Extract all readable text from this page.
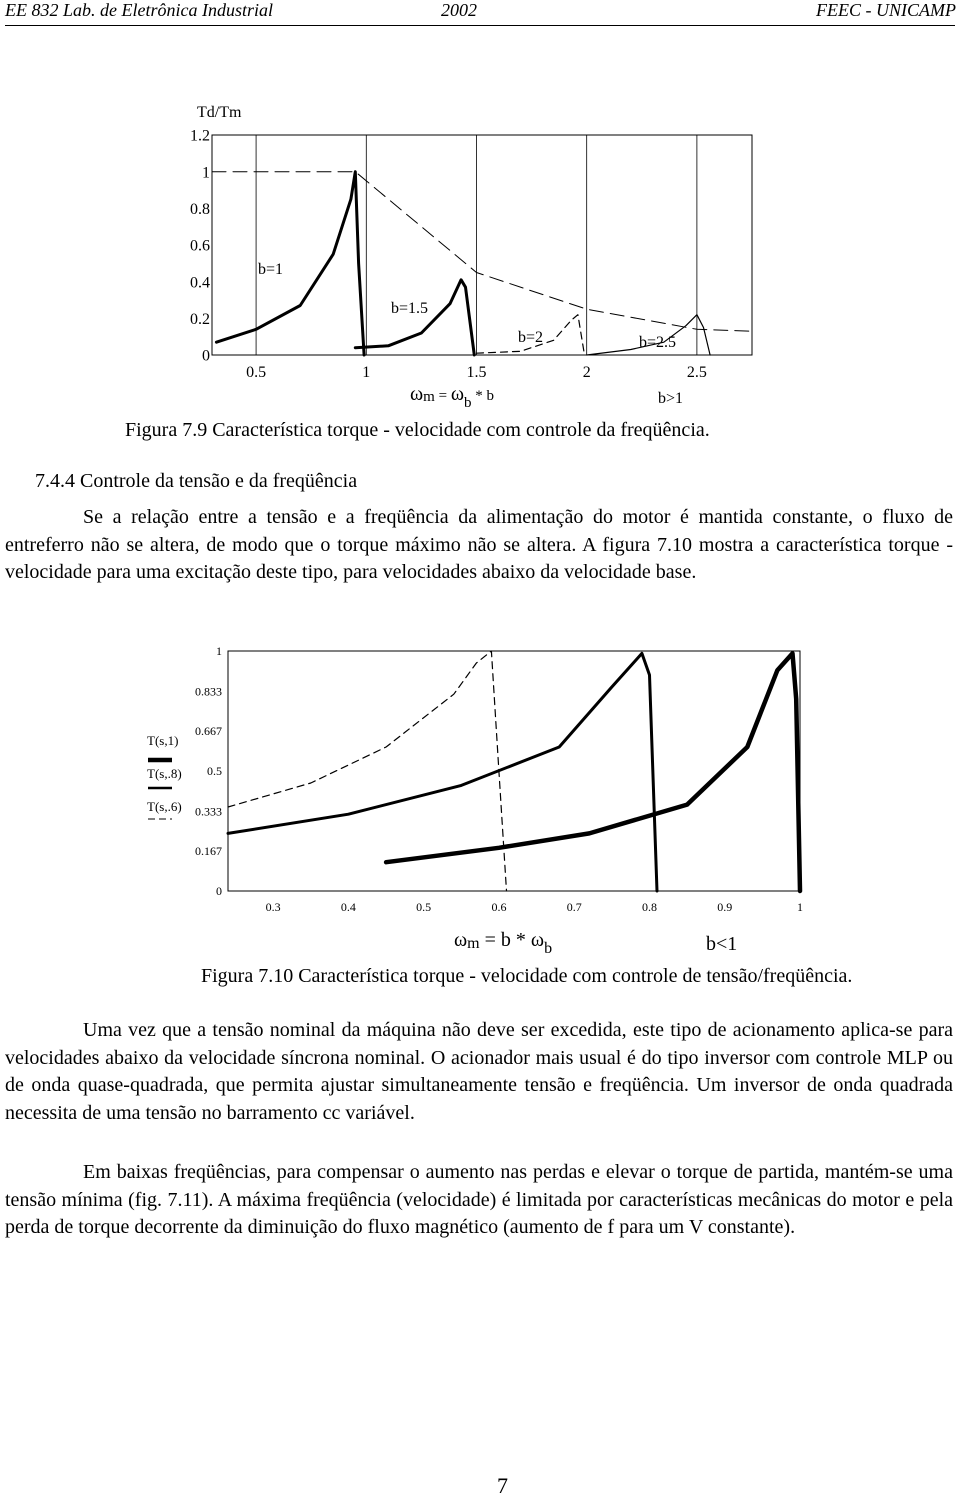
EE 832 Lab. de Eletrônica Industrial	2002	FEEC - UNICAMP
Td/Tm
0.5	1	1.5	2	2.5
0
0.2
0.4
0.6
0.8
1
1.2
b=1
b=1.5
b=2	b=2.5
$\omega m = \omega_b$ $^{* b}$	b>1
Figura 7.9 Característica torque - velocidade com controle da freqüência.
7.4.4 Controle da tensão e da freqüência

Se a relação entre a tensão e a freqüência da alimentação do motor é mantida constante, o fluxo de entreferro não se altera, de modo que o torque máximo não se altera. A figura 7.10 mostra a característica torque - velocidade para uma excitação deste tipo, para velocidades abaixo da velocidade base.

0.3	0.4	0.5	0.6	0.7	0.8	0.9	1
0
0.167
0.333
0.5
0.667
0.833
1
T(s,1)
T(s,.8)
T(s,.6)
$\omega m = b * \omega_b$	b<1
Figura 7.10 Característica torque - velocidade com controle de tensão/freqüência.

Uma vez que a tensão nominal da máquina não deve ser excedida, este tipo de acionamento aplica-se para velocidades abaixo da velocidade síncrona nominal. O acionador mais usual é do tipo inversor com controle MLP ou de onda quase-quadrada, que permita ajustar simultaneamente tensão e freqüência. Um inversor de onda quadrada necessita de uma tensão no barramento cc variável.

Em baixas freqüências, para compensar o aumento nas perdas e elevar o torque de partida, mantém-se uma tensão mínima (fig. 7.11). A máxima freqüência (velocidade) é limitada por características mecânicas do motor e pela perda de torque decorrente da diminuição do fluxo magnético (aumento de f para um V constante).

7
